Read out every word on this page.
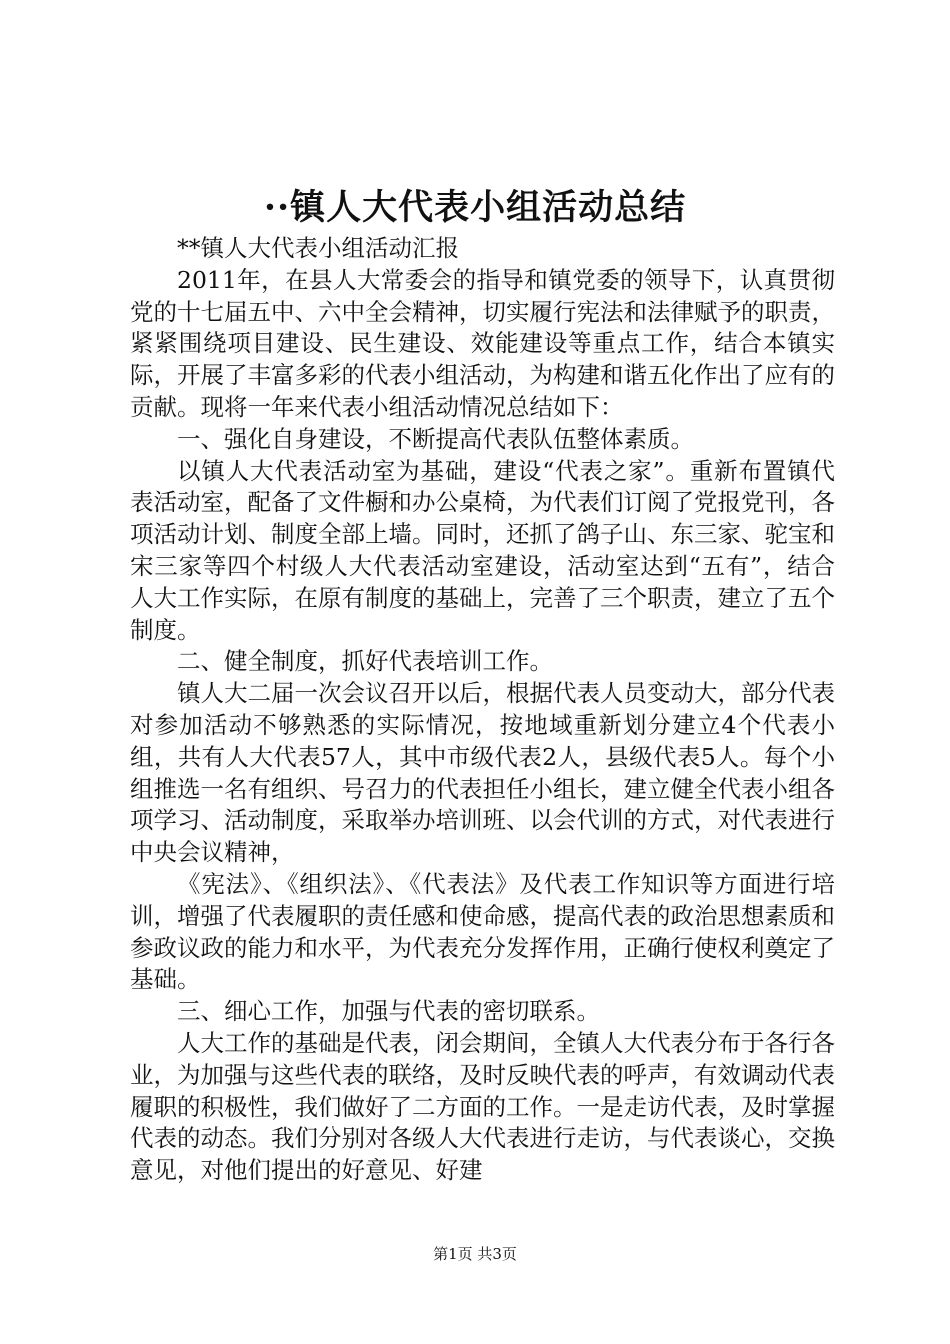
··镇人大代表小组活动总结

**镇人大代表小组活动汇报

2011年，在县人大常委会的指导和镇党委的领导下，认真贯彻党的十七届五中、六中全会精神，切实履行宪法和法律赋予的职责，紧紧围绕项目建设、民生建设、效能建设等重点工作，结合本镇实际，开展了丰富多彩的代表小组活动，为构建和谐五化作出了应有的贡献。现将一年来代表小组活动情况总结如下：

一、强化自身建设，不断提高代表队伍整体素质。

以镇人大代表活动室为基础，建设“代表之家”。重新布置镇代表活动室，配备了文件橱和办公桌椅，为代表们订阅了党报党刊，各项活动计划、制度全部上墙。同时，还抓了鸽子山、东三家、驼宝和宋三家等四个村级人大代表活动室建设，活动室达到“五有”，结合人大工作实际，在原有制度的基础上，完善了三个职责，建立了五个制度。

二、健全制度，抓好代表培训工作。

镇人大二届一次会议召开以后，根据代表人员变动大，部分代表对参加活动不够熟悉的实际情况，按地域重新划分建立4个代表小组，共有人大代表57人，其中市级代表2人，县级代表5人。每个小组推选一名有组织、号召力的代表担任小组长，建立健全代表小组各项学习、活动制度，采取举办培训班、以会代训的方式，对代表进行中央会议精神，

《宪法》、《组织法》、《代表法》及代表工作知识等方面进行培训，增强了代表履职的责任感和使命感，提高代表的政治思想素质和参政议政的能力和水平，为代表充分发挥作用，正确行使权利奠定了基础。

三、细心工作，加强与代表的密切联系。

人大工作的基础是代表，闭会期间，全镇人大代表分布于各行各业，为加强与这些代表的联络，及时反映代表的呼声，有效调动代表履职的积极性，我们做好了二方面的工作。一是走访代表，及时掌握代表的动态。我们分别对各级人大代表进行走访，与代表谈心，交换意见，对他们提出的好意见、好建

第1页 共3页
